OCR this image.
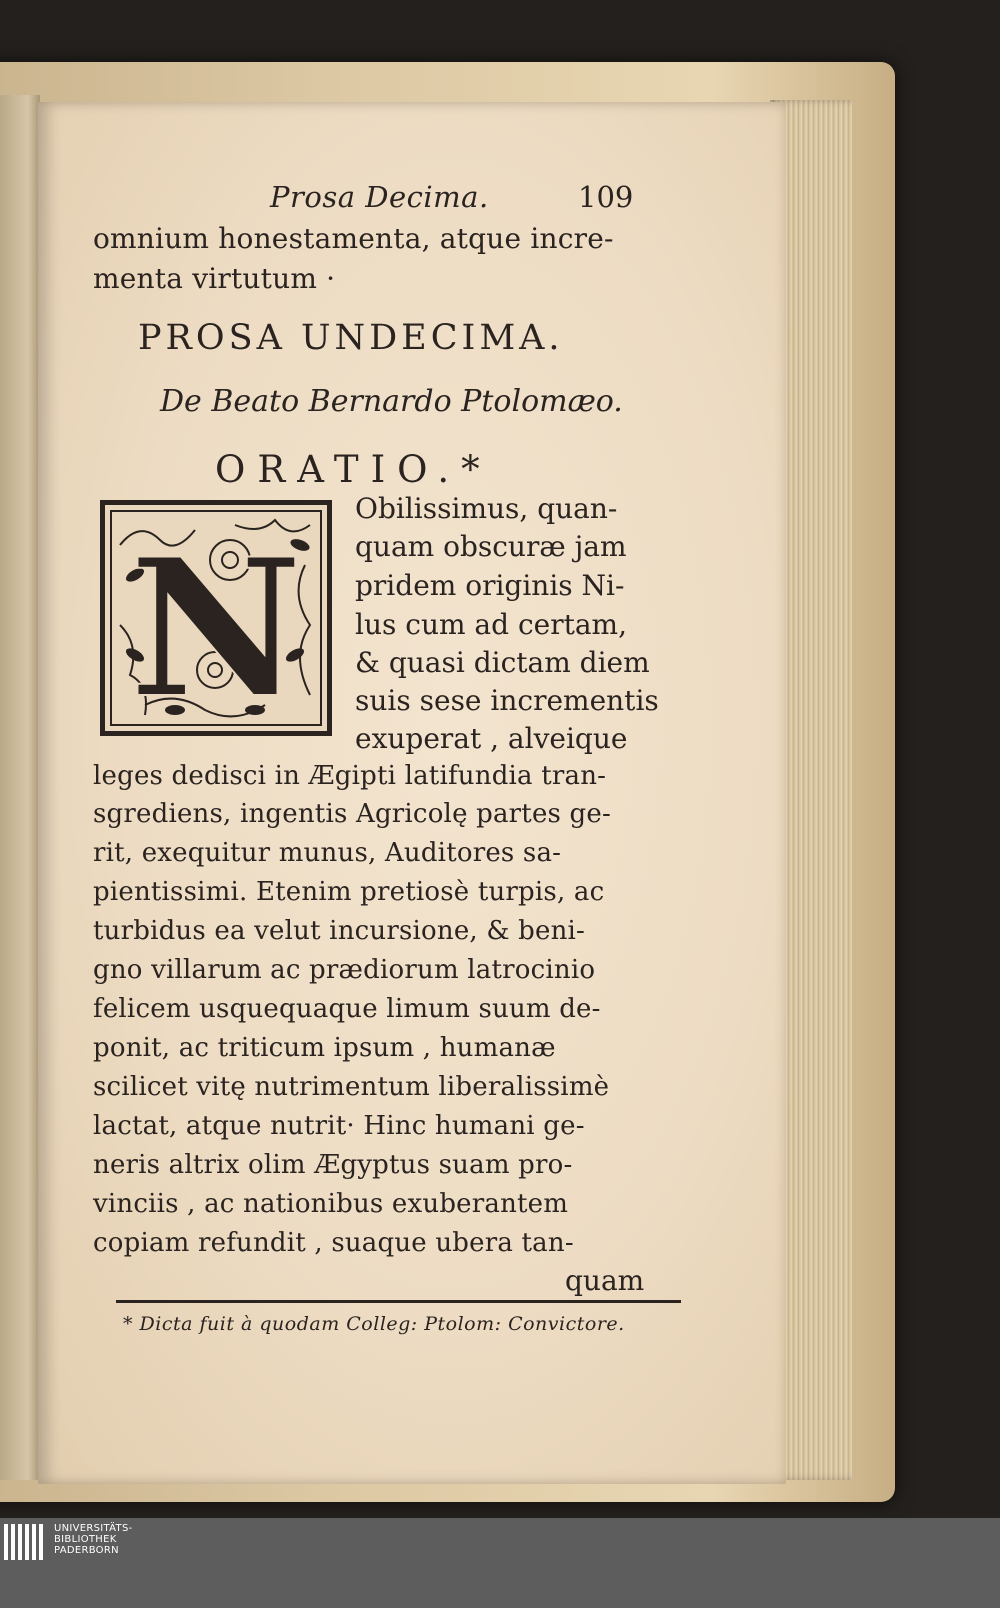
Prosa Decima.	109
omnium honestamenta, atque incre-
menta virtutum ·
PROSA UNDECIMA.
De Beato Bernardo Ptolomæo.
ORATIO.*
N
Obilissimus, quan-
quam obscuræ jam
pridem originis Ni-
lus cum ad certam,
& quasi dictam diem
suis sese incrementis
exuperat , alveique
leges dedisci in Ægipti latifundia tran-
sgrediens, ingentis Agricolę partes ge-
rit, exequitur munus, Auditores sa-
pientissimi. Etenim pretiosè turpis, ac
turbidus ea velut incursione, & beni-
gno villarum ac prædiorum latrocinio
felicem usquequaque limum suum de-
ponit, ac triticum ipsum , humanæ
scilicet vitę nutrimentum liberalissimè
lactat, atque nutrit· Hinc humani ge-
neris altrix olim Ægyptus suam pro-
vinciis , ac nationibus exuberantem
copiam refundit , suaque ubera tan-
quam
* Dicta fuit à quodam Colleg: Ptolom: Convictore.
UNIVERSITÄTS-
BIBLIOTHEK
PADERBORN
